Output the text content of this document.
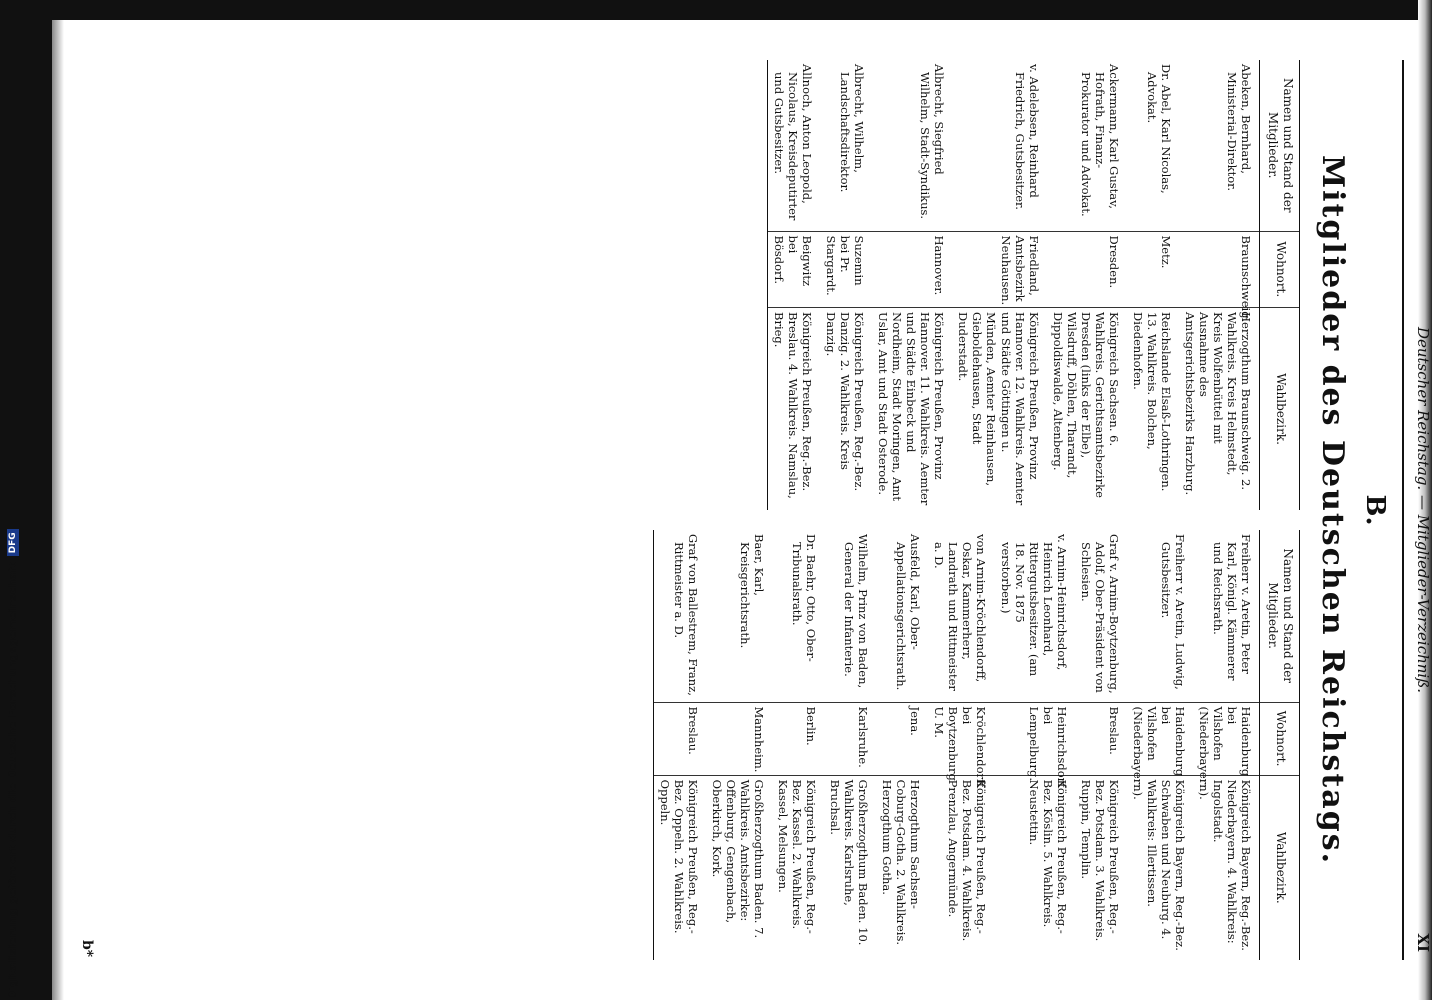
Deutscher Reichstag. — Mitglieder-Verzeichniß.
XI
B.
Mitglieder des Deutschen Reichstags.
Namen und Stand der Mitglieder.	Wohnort.	Wahlbezirk.
Abeken, Bernhard, Ministerial-Direktor.	Braunschweig.	Herzogthum Braunschweig. 2. Wahlkreis. Kreis Helmstedt, Kreis Wolfenbüttel mit Ausnahme des Amtsgerichtsbezirks Harzburg.
Dr. Abel, Karl Nicolas, Advokat.	Metz.	Reichslande Elsaß-Lothringen. 13. Wahlkreis. Bolchen, Diedenhofen.
Ackermann, Karl Gustav, Hofrath, Finanz-Prokurator und Advokat.	Dresden.	Königreich Sachsen. 6. Wahlkreis. Gerichtsamtsbezirke Dresden (links der Elbe), Wilsdruff, Döhlen, Tharandt, Dippoldiswalde, Altenberg.
v. Adelebsen, Reinhard Friedrich, Gutsbesitzer.	Friedland, Amtsbezirk Neuhausen.	Königreich Preußen, Provinz Hannover. 12. Wahlkreis. Aemter und Städte Göttingen u. Münden, Aemter Reinhausen, Gieboldehausen, Stadt Duderstadt.
Albrecht, Siegfried Wilhelm, Stadt-Syndikus.	Hannover.	Königreich Preußen, Provinz Hannover. 11. Wahlkreis. Aemter und Städte Einbeck und Nordheim, Stadt Moringen, Amt Uslar, Amt und Stadt Osterode.
Albrecht, Wilhelm, Landschaftsdirektor.	Suzemin bei Pr. Stargardt.	Königreich Preußen, Reg.-Bez. Danzig. 2. Wahlkreis. Kreis Danzig.
Allnoch, Anton Leopold, Nicolaus, Kreisdeputirter und Gutsbesitzer.	Beigwitz bei Bösdorf.	Königreich Preußen, Reg.-Bez. Breslau. 4. Wahlkreis. Namslau, Brieg.
Namen und Stand der Mitglieder.	Wohnort.	Wahlbezirk.
Freiherr v. Aretin, Peter Karl, Königl. Kämmerer und Reichsrath.	Haidenburg bei Vilshofen (Niederbayern).	Königreich Bayern, Reg.-Bez. Niederbayern. 4. Wahlkreis: Ingolstadt.
Freiherr v. Aretin, Ludwig, Gutsbesitzer.	Haidenburg bei Vilshofen (Niederbayern).	Königreich Bayern, Reg.-Bez. Schwaben und Neuburg. 4. Wahlkreis: Illertissen.
Graf v. Arnim-Boytzenburg, Adolf, Ober-Präsident von Schlesien.	Breslau.	Königreich Preußen, Reg.-Bez. Potsdam. 3. Wahlkreis. Ruppin, Templin.
v. Arnim-Heinrichsdorf, Heinrich Leonhard, Rittergutsbesitzer. (am 18. Nov. 1875 verstorben.)	Heinrichsdorf bei Lempelburg.	Königreich Preußen, Reg.-Bez. Köslin. 5. Wahlkreis. Neustettin.
von Arnim-Kröchlendorff, Oskar, Kammerherr, Landrath und Rittmeister a. D.	Kröchlendorff bei Boytzenburg U. M.	Königreich Preußen, Reg.-Bez. Potsdam. 4. Wahlkreis. Prenzlau, Angermünde.
Ausfeld, Karl, Ober-Appellationsgerichtsrath.	Jena.	Herzogthum Sachsen-Coburg-Gotha. 2. Wahlkreis. Herzogthum Gotha.
Wilhelm, Prinz von Baden, General der Infanterie.	Karlsruhe.	Großherzogthum Baden. 10. Wahlkreis. Karlsruhe, Bruchsal.
Dr. Baehr, Otto, Ober-Tribunalsrath.	Berlin.	Königreich Preußen, Reg.-Bez. Kassel. 2. Wahlkreis. Kassel, Melsungen.
Baer, Karl, Kreisgerichtsrath.	Mannheim.	Großherzogthum Baden. 7. Wahlkreis. Amtsbezirke: Offenburg, Gengenbach, Oberkirch, Kork.
Graf von Ballestrem, Franz, Rittmeister a. D.	Breslau.	Königreich Preußen, Reg.-Bez. Oppeln. 2. Wahlkreis. Oppeln.
b*
Digitalisierung gefördert durch die Deutsche Forschungsgemeinschaft
DFG
